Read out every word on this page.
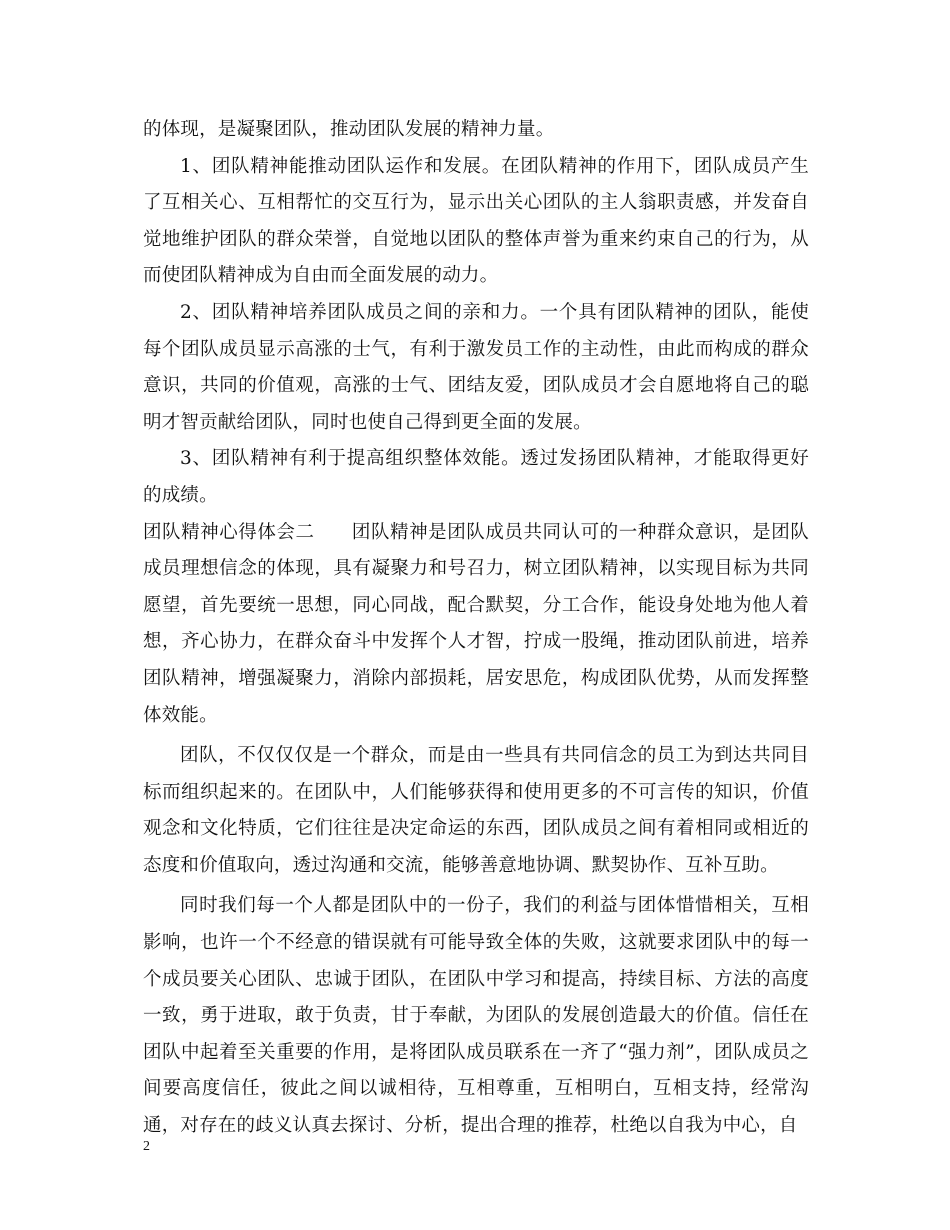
的体现，是凝聚团队，推动团队发展的精神力量。

1、团队精神能推动团队运作和发展。在团队精神的作用下，团队成员产生了互相关心、互相帮忙的交互行为，显示出关心团队的主人翁职责感，并发奋自觉地维护团队的群众荣誉，自觉地以团队的整体声誉为重来约束自己的行为，从而使团队精神成为自由而全面发展的动力。

2、团队精神培养团队成员之间的亲和力。一个具有团队精神的团队，能使每个团队成员显示高涨的士气，有利于激发员工作的主动性，由此而构成的群众意识，共同的价值观，高涨的士气、团结友爱，团队成员才会自愿地将自己的聪明才智贡献给团队，同时也使自己得到更全面的发展。

3、团队精神有利于提高组织整体效能。透过发扬团队精神，才能取得更好的成绩。

团队精神心得体会二 团队精神是团队成员共同认可的一种群众意识，是团队成员理想信念的体现，具有凝聚力和号召力，树立团队精神，以实现目标为共同愿望，首先要统一思想，同心同战，配合默契，分工合作，能设身处地为他人着想，齐心协力，在群众奋斗中发挥个人才智，拧成一股绳，推动团队前进，培养团队精神，增强凝聚力，消除内部损耗，居安思危，构成团队优势，从而发挥整体效能。

团队，不仅仅仅是一个群众，而是由一些具有共同信念的员工为到达共同目标而组织起来的。在团队中，人们能够获得和使用更多的不可言传的知识，价值观念和文化特质，它们往往是决定命运的东西，团队成员之间有着相同或相近的态度和价值取向，透过沟通和交流，能够善意地协调、默契协作、互补互助。

同时我们每一个人都是团队中的一份子，我们的利益与团体惜惜相关，互相影响，也许一个不经意的错误就有可能导致全体的失败，这就要求团队中的每一个成员要关心团队、忠诚于团队，在团队中学习和提高，持续目标、方法的高度一致，勇于进取，敢于负责，甘于奉献，为团队的发展创造最大的价值。信任在团队中起着至关重要的作用，是将团队成员联系在一齐了“强力剂”，团队成员之间要高度信任，彼此之间以诚相待，互相尊重，互相明白，互相支持，经常沟通，对存在的歧义认真去探讨、分析，提出合理的推荐，杜绝以自我为中心，自

2
